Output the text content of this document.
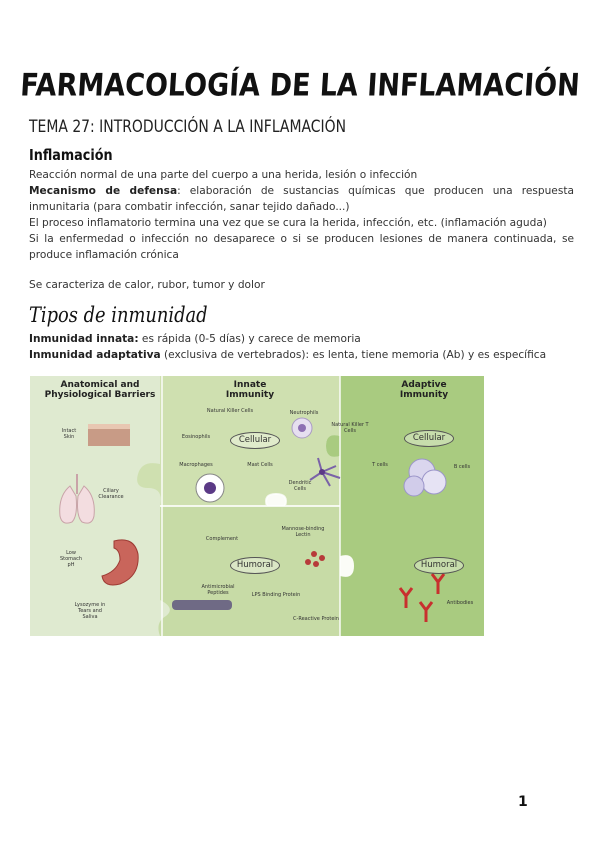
FARMACOLOGÍA DE LA INFLAMACIÓN
TEMA 27: INTRODUCCIÓN A LA INFLAMACIÓN
Inflamación
Reacción normal de una parte del cuerpo a una herida, lesión o infección
Mecanismo de defensa: elaboración de sustancias químicas que producen una respuesta inmunitaria (para combatir infección, sanar tejido dañado...)
El proceso inflamatorio termina una vez que se cura la herida, infección, etc. (inflamación aguda)
Si la enfermedad o infección no desaparece o si se producen lesiones de manera continuada, se produce inflamación crónica
Se caracteriza de calor, rubor, tumor y dolor
Tipos de inmunidad
Inmunidad innata: es rápida (0-5 días) y carece de memoria
Inmunidad adaptativa (exclusiva de vertebrados): es lenta, tiene memoria (Ab) y es específica
Anatomical and Physiological Barriers
Innate Immunity
Adaptive Immunity
Intact Skin
Ciliary Clearance
Low Stomach pH
Lysozyme in Tears and Saliva
Natural Killer Cells	Neutrophils
Eosinophils
Macrophages	Mast Cells
Dendritic Cells
Natural Killer T Cells
Cellular
Humoral
Cellular
Humoral
Complement
Mannose-binding Lectin
Antimicrobial Peptides	LPS Binding Protein
C-Reactive Protein
T cells	B cells
Antibodies
1
